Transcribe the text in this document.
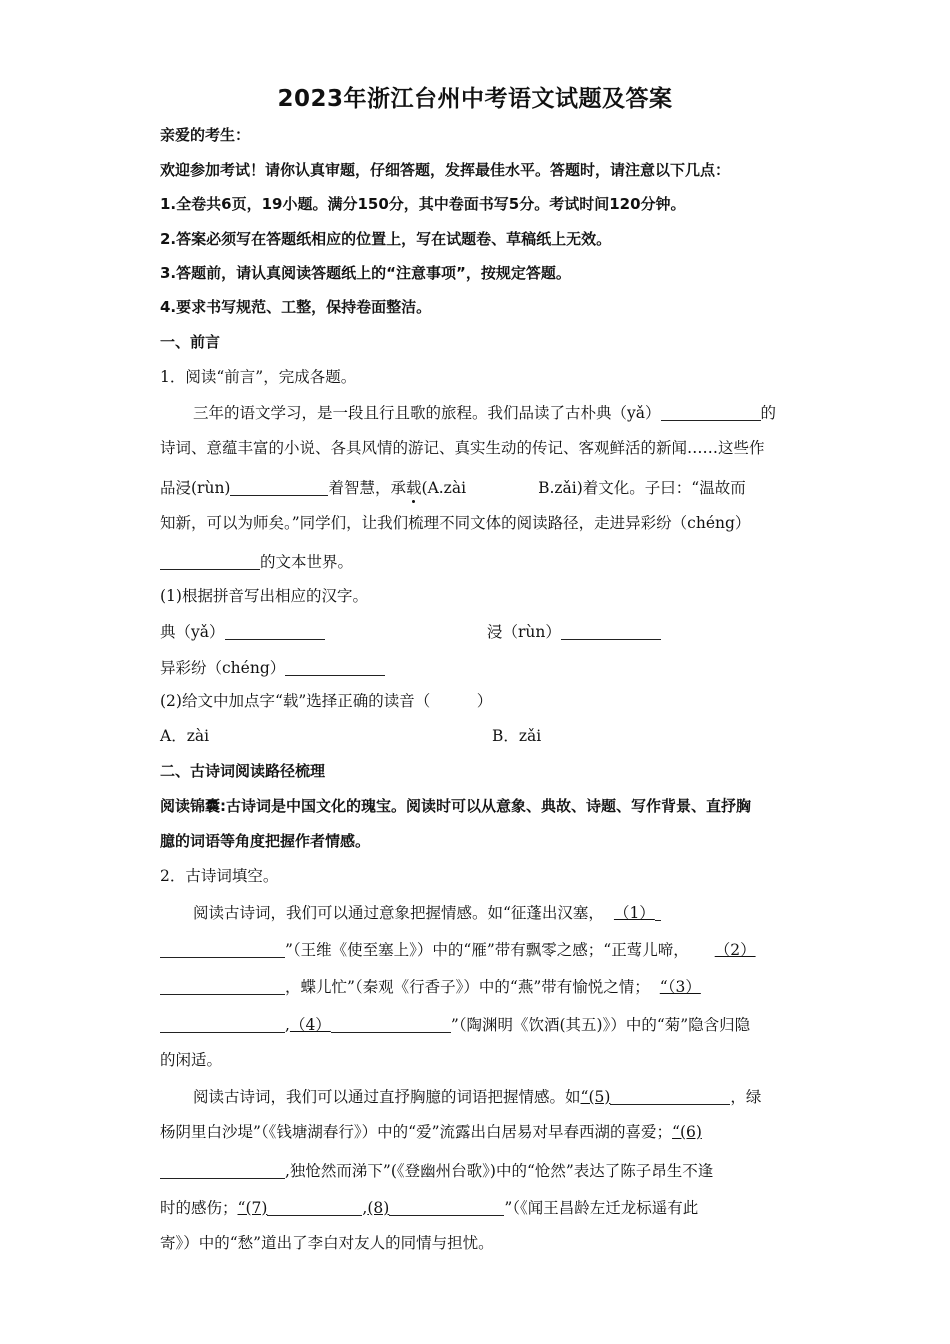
2023年浙江台州中考语文试题及答案
亲爱的考生：
欢迎参加考试！请你认真审题，仔细答题，发挥最佳水平。答题时，请注意以下几点：
1.全卷共6页，19小题。满分150分，其中卷面书写5分。考试时间120分钟。
2.答案必须写在答题纸相应的位置上，写在试题卷、草稿纸上无效。
3.答题前，请认真阅读答题纸上的“注意事项”，按规定答题。
4.要求书写规范、工整，保持卷面整洁。
一、前言
1．阅读“前言”，完成各题。
三年的语文学习，是一段且行且歌的旅程。我们品读了古朴典（yǎ）	的
诗词、意蕴丰富的小说、各具风情的游记、真实生动的传记、客观鲜活的新闻……这些作
品浸(rùn)	着智慧，承载(A.zài	B.zǎi)着文化。子曰：“温故而
知新，可以为师矣。”同学们，让我们梳理不同文体的阅读路径，走进异彩纷（chéng）
的文本世界。
(1)根据拼音写出相应的汉字。
典（yǎ）	浸（rùn）
异彩纷（chéng）
(2)给文中加点字“载”选择正确的读音（　　　）
A．zài	B．zǎi
二、古诗词阅读路径梳理
阅读锦囊:古诗词是中国文化的瑰宝。阅读时可以从意象、典故、诗题、写作背景、直抒胸
臆的词语等角度把握作者情感。
2．古诗词填空。
阅读古诗词，我们可以通过意象把握情感。如“征蓬出汉塞， （1）
”（王维《使至塞上》）中的“雁”带有飘零之感；“正莺儿啼， （2）
，蝶儿忙”（秦观《行香子》）中的“燕”带有愉悦之情； “（3）
,（4）	”（陶渊明《饮酒(其五)》）中的“菊”隐含归隐
的闲适。
阅读古诗词，我们可以通过直抒胸臆的词语把握情感。如“(5)	，绿
杨阴里白沙堤”（《钱塘湖春行》）中的“爱”流露出白居易对早春西湖的喜爱；“(6)
,独怆然而涕下”(《登幽州台歌》)中的“怆然”表达了陈子昂生不逢
时的感伤；“(7)	,(8)	”（《闻王昌龄左迁龙标遥有此
寄》）中的“愁”道出了李白对友人的同情与担忧。
